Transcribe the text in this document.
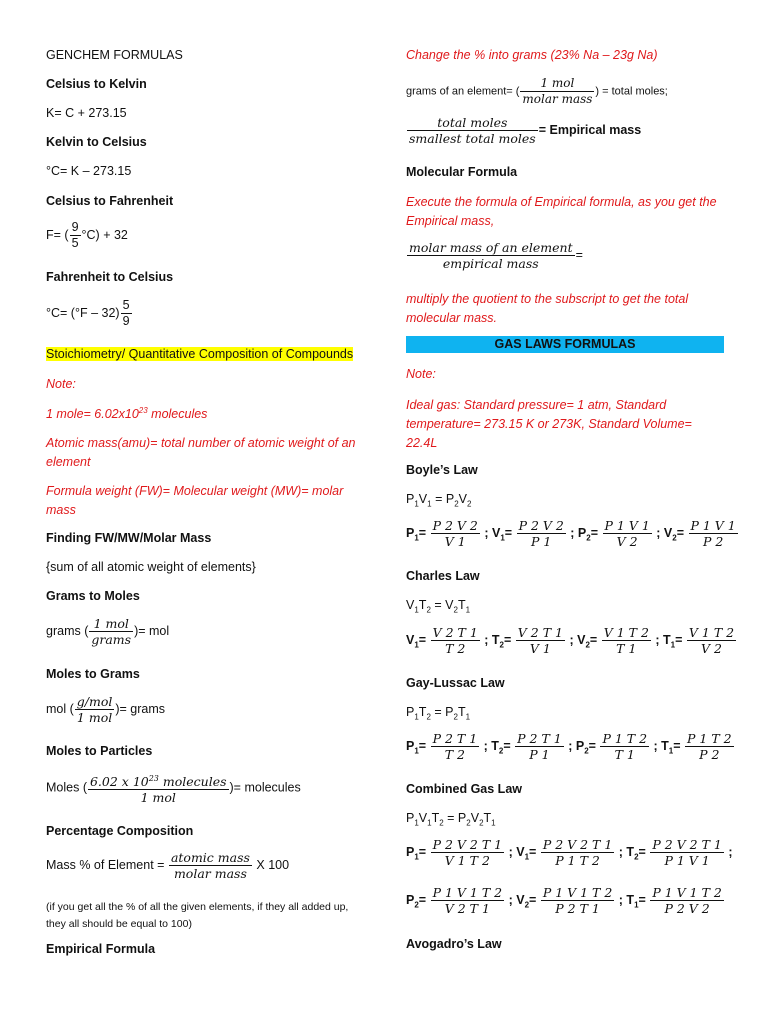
GENCHEM FORMULAS
Celsius to Kelvin
K= C + 273.15
Kelvin to Celsius
°C= K – 273.15
Celsius to Fahrenheit
F= ( $\frac{9}{5} ^\circ C) + 32$
Fahrenheit to Celsius
$^\circ C= (^\circ F - 32) \frac{5}{9}$
Stoichiometry/ Quantitative Composition of Compounds
Note:
1 mole= $6.02x10^{23}$ molecules
Atomic mass(amu)= total number of atomic weight of an element
Formula weight (FW)= Molecular weight (MW)= molar mass
Finding FW/MW/Molar Mass
{sum of all atomic weight of elements}
Grams to Moles
grams ( $\frac{\text{1 mol}}{\text{grams}}$ )= mol
Moles to Grams
mol ( $\frac{\text{g/mol}}{\text{1 mol}}$ )= grams
Moles to Particles
Moles ( $\frac{6.02 x 10^{23} molecules}{\text{1 mol}}$ )= molecules
Percentage Composition
Mass % of Element = $\frac{\text{atomic mass}}{\text{molar mass}}$ X 100
(if you get all the % of all the given elements, if they all added up, they all should be equal to 100)
Empirical Formula
Change the % into grams (23% Na – 23g Na)
grams of an element= ( $\frac{\text{1 mol}}{\text{molar mass}}$ ) = total moles;
$\frac{\text{total moles}}{\text{smallest total moles}}$ = Empirical mass
Molecular Formula
Execute the formula of Empirical formula, as you get the Empirical mass,
$\frac{\text{molar mass of an element}}{\text{empirical mass}}$ =
multiply the quotient to the subscript to get the total molecular mass.
GAS LAWS FORMULAS
Note:
Ideal gas: Standard pressure= 1 atm, Standard temperature= 273.15 K or 273K, Standard Volume= 22.4L
Boyle’s Law
$P_1V_1 = P_2V_2$
$P_1= \frac{P 2 V 2}{V 1}$ ; $V_1= \frac{P 2 V 2}{P 1}$ ; $P_2= \frac{P 1 V 1}{V 2}$ ; $V_2= \frac{P 1 V 1}{P 2}$
Charles Law
$V_1T_2 = V_2T_1$
$V_1= \frac{V 2 T 1}{T 2}$ ; $T_2= \frac{V 2 T 1}{V 1}$ ; $V_2= \frac{V 1 T 2}{T 1}$ ; $T_1= \frac{V 1 T 2}{V 2}$
Gay-Lussac Law
$P_1T_2 = P_2T_1$
$P_1= \frac{P 2 T 1}{T 2}$ ; $T_2= \frac{P 2 T 1}{P 1}$ ; $P_2= \frac{P 1 T 2}{T 1}$ ; $T_1= \frac{P 1 T 2}{P 2}$
Combined Gas Law
$P_1V_1T_2 = P_2V_2T_1$
$P_1= \frac{P 2 V 2 T 1}{V 1 T 2}$ ; $V_1= \frac{P 2 V 2 T 1}{P 1 T 2}$ ; $T_2= \frac{P 2 V 2 T 1}{P 1 V 1}$ ;
$P_2= \frac{P 1 V 1 T 2}{V 2 T 1}$ ; $V_2= \frac{P 1 V 1 T 2}{P 2 T 1}$ ; $T_1= \frac{P 1 V 1 T 2}{P 2 V 2}$
Avogadro’s Law
